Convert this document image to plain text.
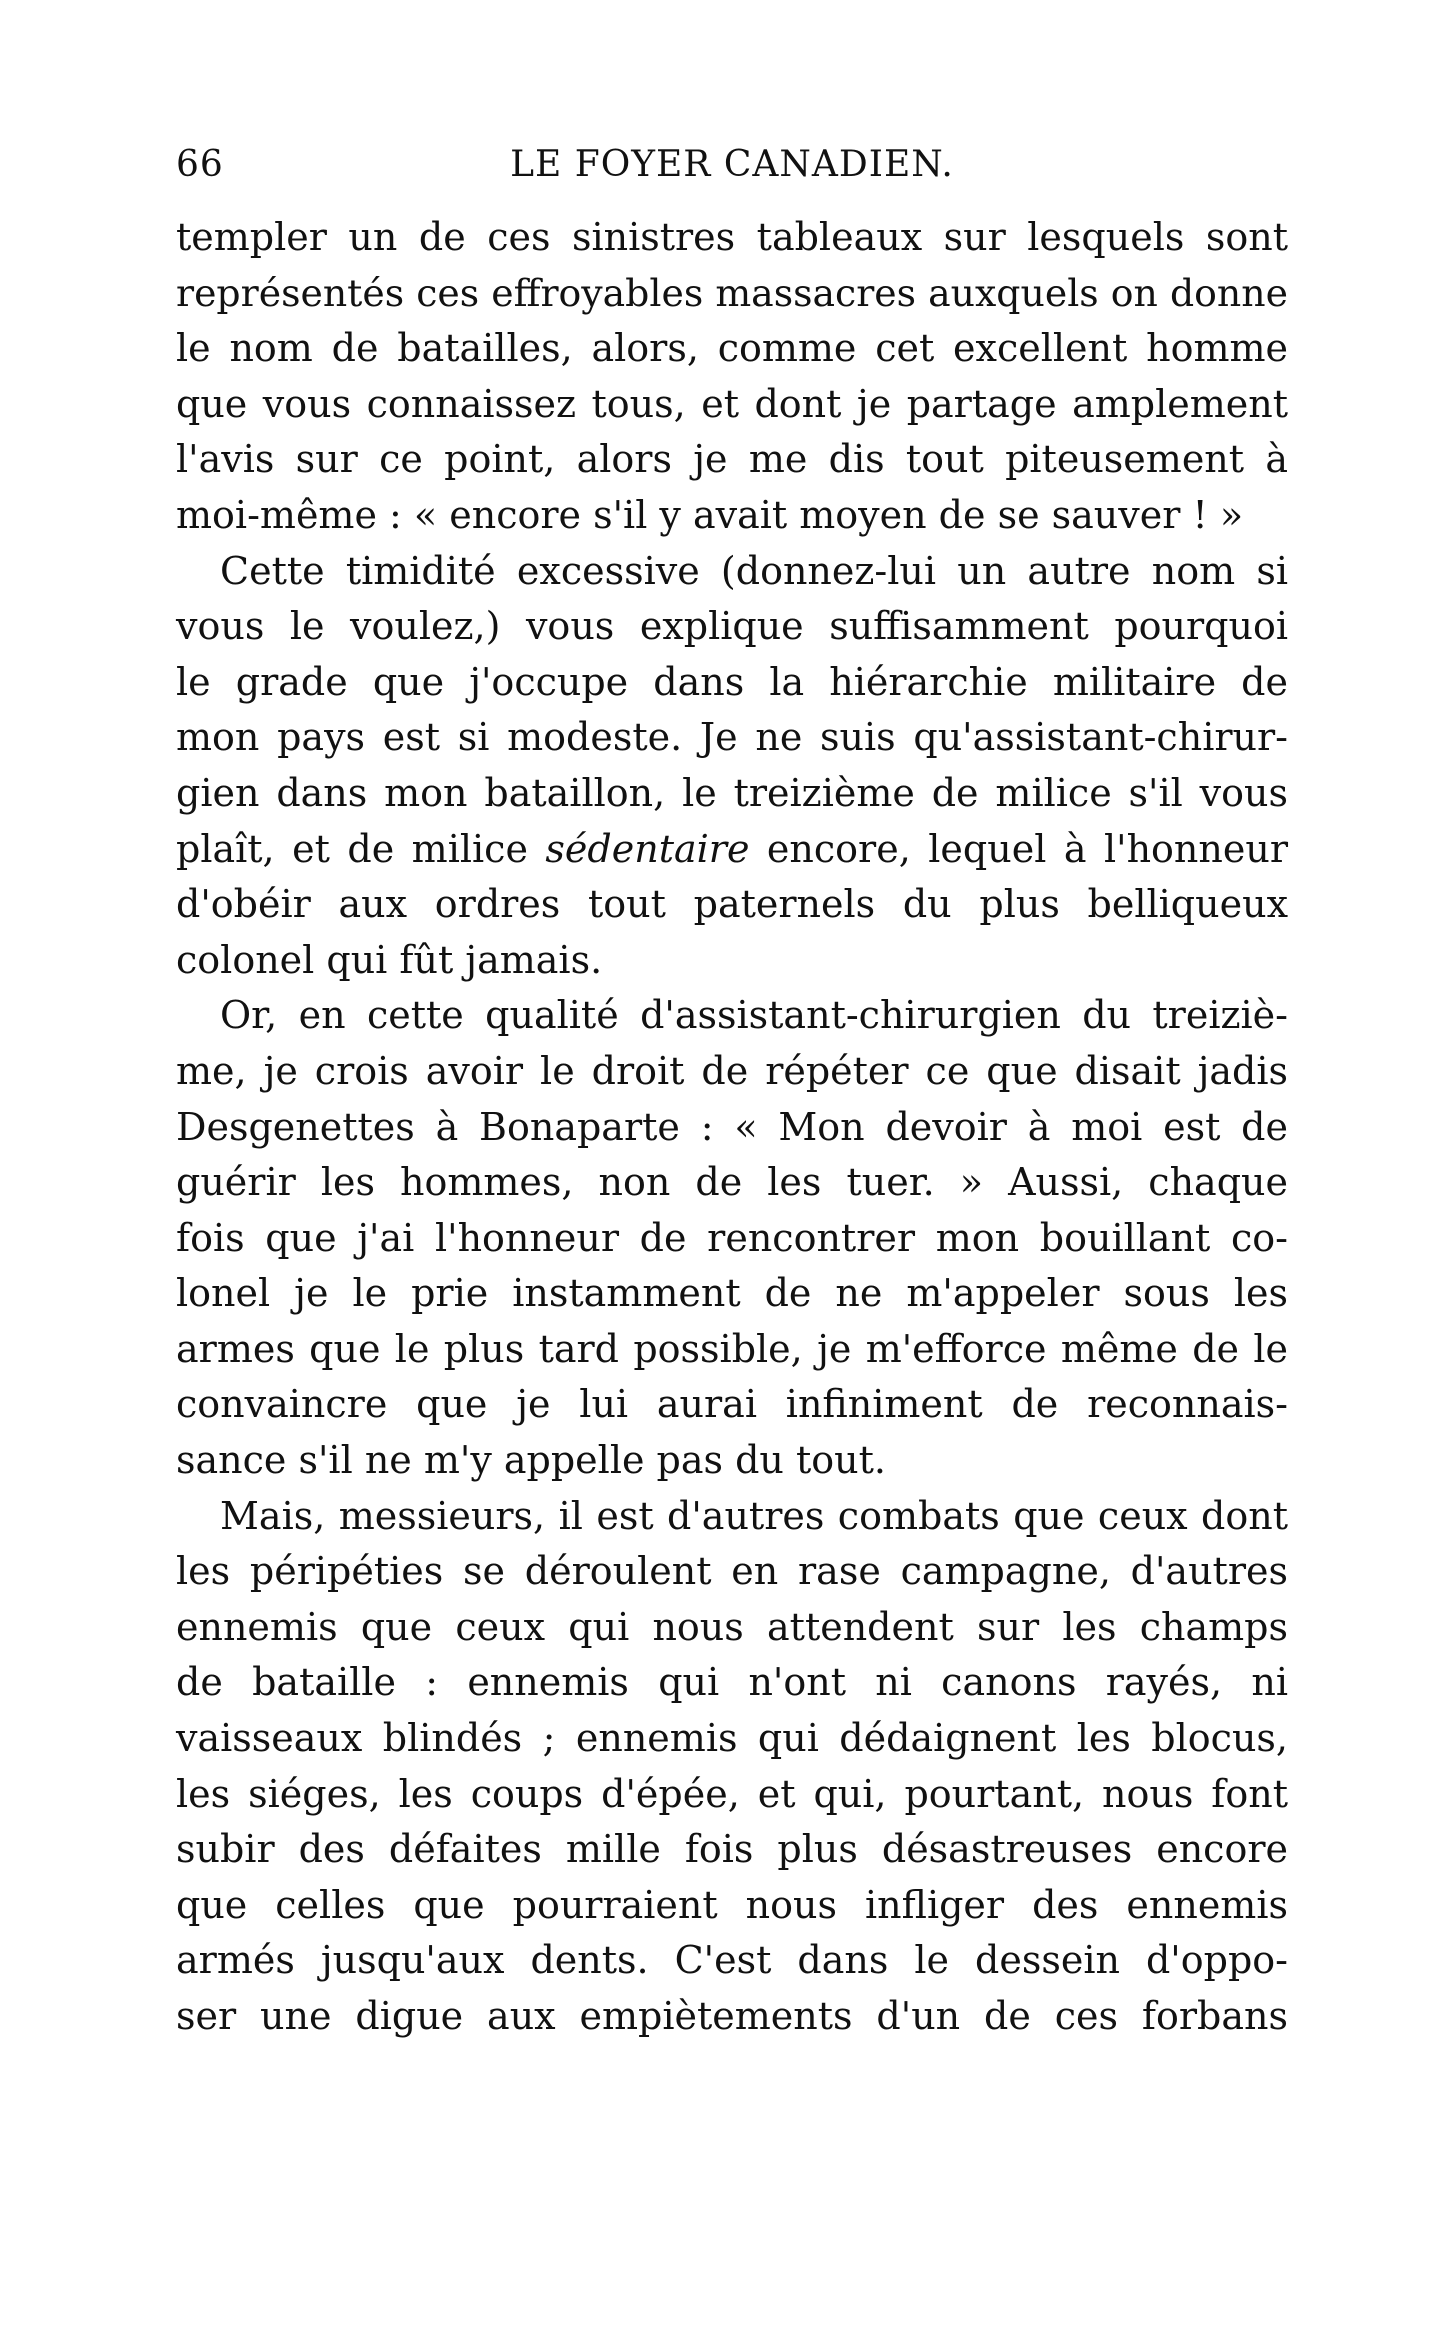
66	LE FOYER CANADIEN.

templer un de ces sinistres tableaux sur lesquels sont
représentés ces effroyables massacres auxquels on donne
le nom de batailles, alors, comme cet excellent homme
que vous connaissez tous, et dont je partage amplement
l'avis sur ce point, alors je me dis tout piteusement à
moi-même : « encore s'il y avait moyen de se sauver ! »

Cette timidité excessive (donnez-lui un autre nom si
vous le voulez,) vous explique suffisamment pourquoi
le grade que j'occupe dans la hiérarchie militaire de
mon pays est si modeste. Je ne suis qu'assistant-chirur-
gien dans mon bataillon, le treizième de milice s'il vous
plaît, et de milice sédentaire encore, lequel à l'honneur
d'obéir aux ordres tout paternels du plus belliqueux
colonel qui fût jamais.

Or, en cette qualité d'assistant-chirurgien du treiziè-
me, je crois avoir le droit de répéter ce que disait jadis
Desgenettes à Bonaparte : « Mon devoir à moi est de
guérir les hommes, non de les tuer. » Aussi, chaque
fois que j'ai l'honneur de rencontrer mon bouillant co-
lonel je le prie instamment de ne m'appeler sous les
armes que le plus tard possible, je m'efforce même de le
convaincre que je lui aurai infiniment de reconnais-
sance s'il ne m'y appelle pas du tout.

Mais, messieurs, il est d'autres combats que ceux dont
les péripéties se déroulent en rase campagne, d'autres
ennemis que ceux qui nous attendent sur les champs
de bataille : ennemis qui n'ont ni canons rayés, ni
vaisseaux blindés ; ennemis qui dédaignent les blocus,
les siéges, les coups d'épée, et qui, pourtant, nous font
subir des défaites mille fois plus désastreuses encore
que celles que pourraient nous infliger des ennemis
armés jusqu'aux dents. C'est dans le dessein d'oppo-
ser une digue aux empiètements d'un de ces forbans
